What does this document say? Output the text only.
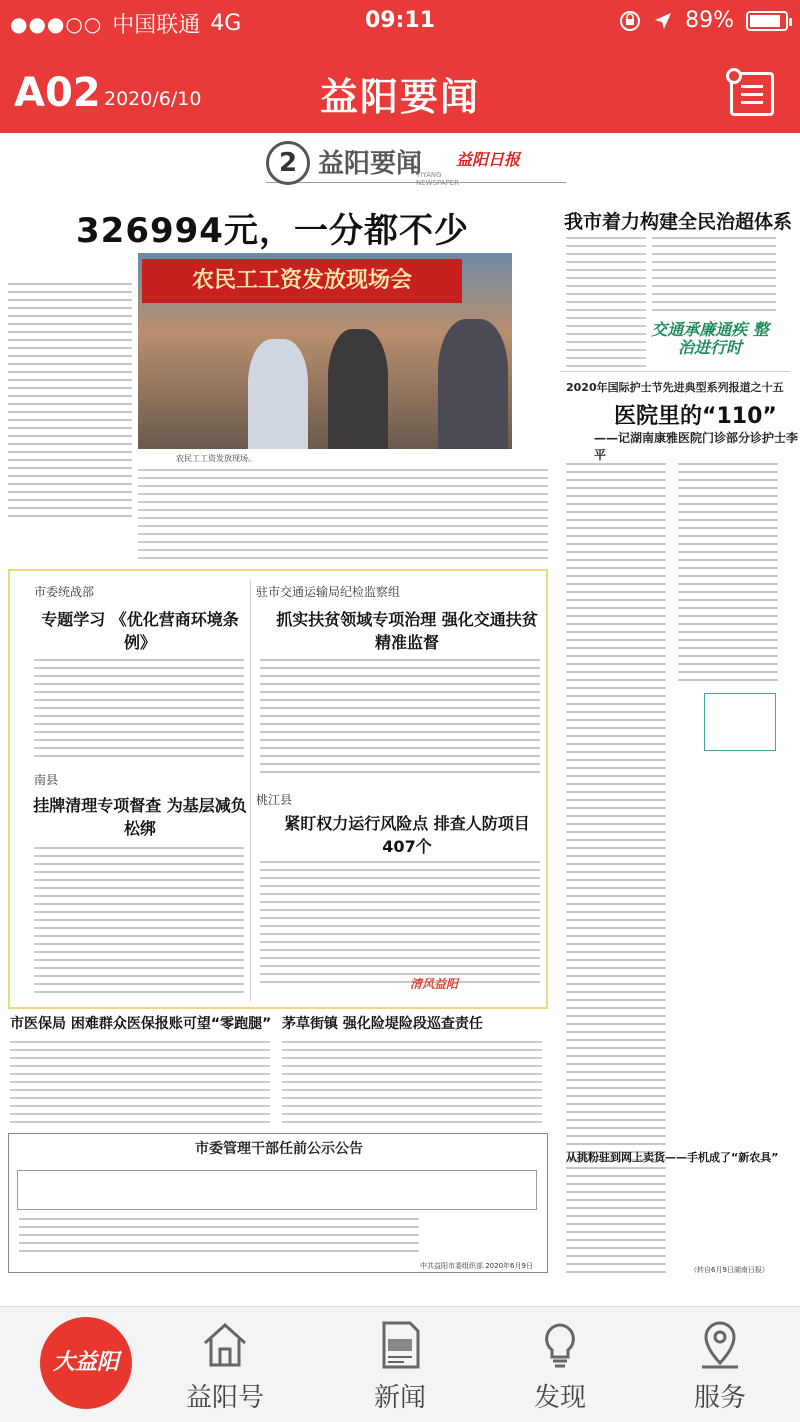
●●●○○ 中国联通 4G	09:11	89%
A02 2020/6/10	益阳要闻
2 益阳要闻
YIYANG NEWSPAPER
益阳日报
326994元，一分都不少
农民工工资发放现场会
农民工工资发放现场。
我市着力构建全民治超体系
交通承廉通疾 整治进行时
2020年国际护士节先进典型系列报道之十五
医院里的“110”
——记湖南康雅医院门诊部分诊护士李平
市委统战部
专题学习 《优化营商环境条例》
驻市交通运输局纪检监察组
抓实扶贫领域专项治理 强化交通扶贫精准监督
南县
挂牌清理专项督查 为基层减负松绑
桃江县
紧盯权力运行风险点 排查人防项目407个
清风益阳
市医保局 困难群众医保报账可望“零跑腿” 茅草街镇 强化险堤险段巡查责任
从挑粉驻到网上卖货——手机成了“新农具”
市委管理干部任前公示公告
中共益阳市委组织部 2020年6月9日	（转自6月9日湖南日报）
大益阳
益阳号	新闻	发现	服务
